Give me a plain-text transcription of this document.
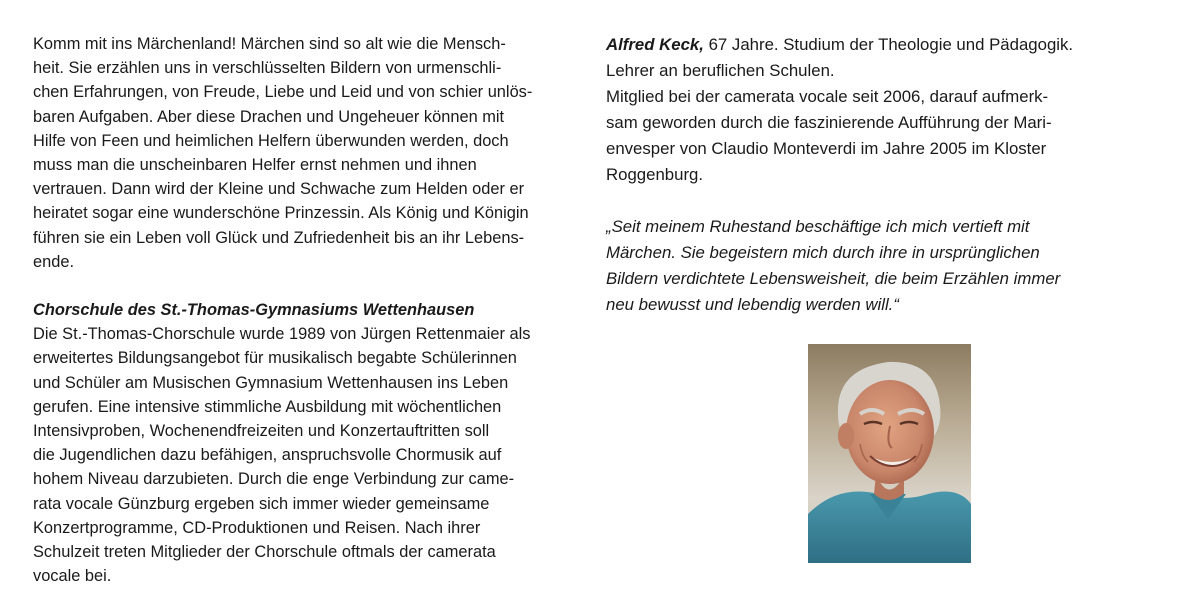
Komm mit ins Märchenland! Märchen sind so alt wie die Mensch-
heit. Sie erzählen uns in verschlüsselten Bildern von urmenschli-
chen Erfahrungen, von Freude, Liebe und Leid und von schier unlös-
baren Aufgaben. Aber diese Drachen und Ungeheuer können mit
Hilfe von Feen und heimlichen Helfern überwunden werden, doch
muss man die unscheinbaren Helfer ernst nehmen und ihnen
vertrauen. Dann wird der Kleine und Schwache zum Helden oder er
heiratet sogar eine wunderschöne Prinzessin. Als König und Königin
führen sie ein Leben voll Glück und Zufriedenheit bis an ihr Lebens-
ende.
Chorschule des St.-Thomas-Gymnasiums Wettenhausen
Die St.-Thomas-Chorschule wurde 1989 von Jürgen Rettenmaier als
erweitertes Bildungsangebot für musikalisch begabte Schülerinnen
und Schüler am Musischen Gymnasium Wettenhausen ins Leben
gerufen. Eine intensive stimmliche Ausbildung mit wöchentlichen
Intensivproben, Wochenendfreizeiten und Konzertauftritten soll
die Jugendlichen dazu befähigen, anspruchsvolle Chormusik auf
hohem Niveau darzubieten. Durch die enge Verbindung zur came-
rata vocale Günzburg ergeben sich immer wieder gemeinsame
Konzertprogramme, CD-Produktionen und Reisen. Nach ihrer
Schulzeit treten Mitglieder der Chorschule oftmals der camerata
vocale bei.
Alfred Keck, 67 Jahre. Studium der Theologie und Pädagogik.
Lehrer an beruflichen Schulen.
Mitglied bei der camerata vocale seit 2006, darauf aufmerk-
sam geworden durch die faszinierende Aufführung der Mari-
envesper von Claudio Monteverdi im Jahre 2005 im Kloster
Roggenburg.
„Seit meinem Ruhestand beschäftige ich mich vertieft mit
Märchen. Sie begeistern mich durch ihre in ursprünglichen
Bildern verdichtete Lebensweisheit, die beim Erzählen immer
neu bewusst und lebendig werden will.“
